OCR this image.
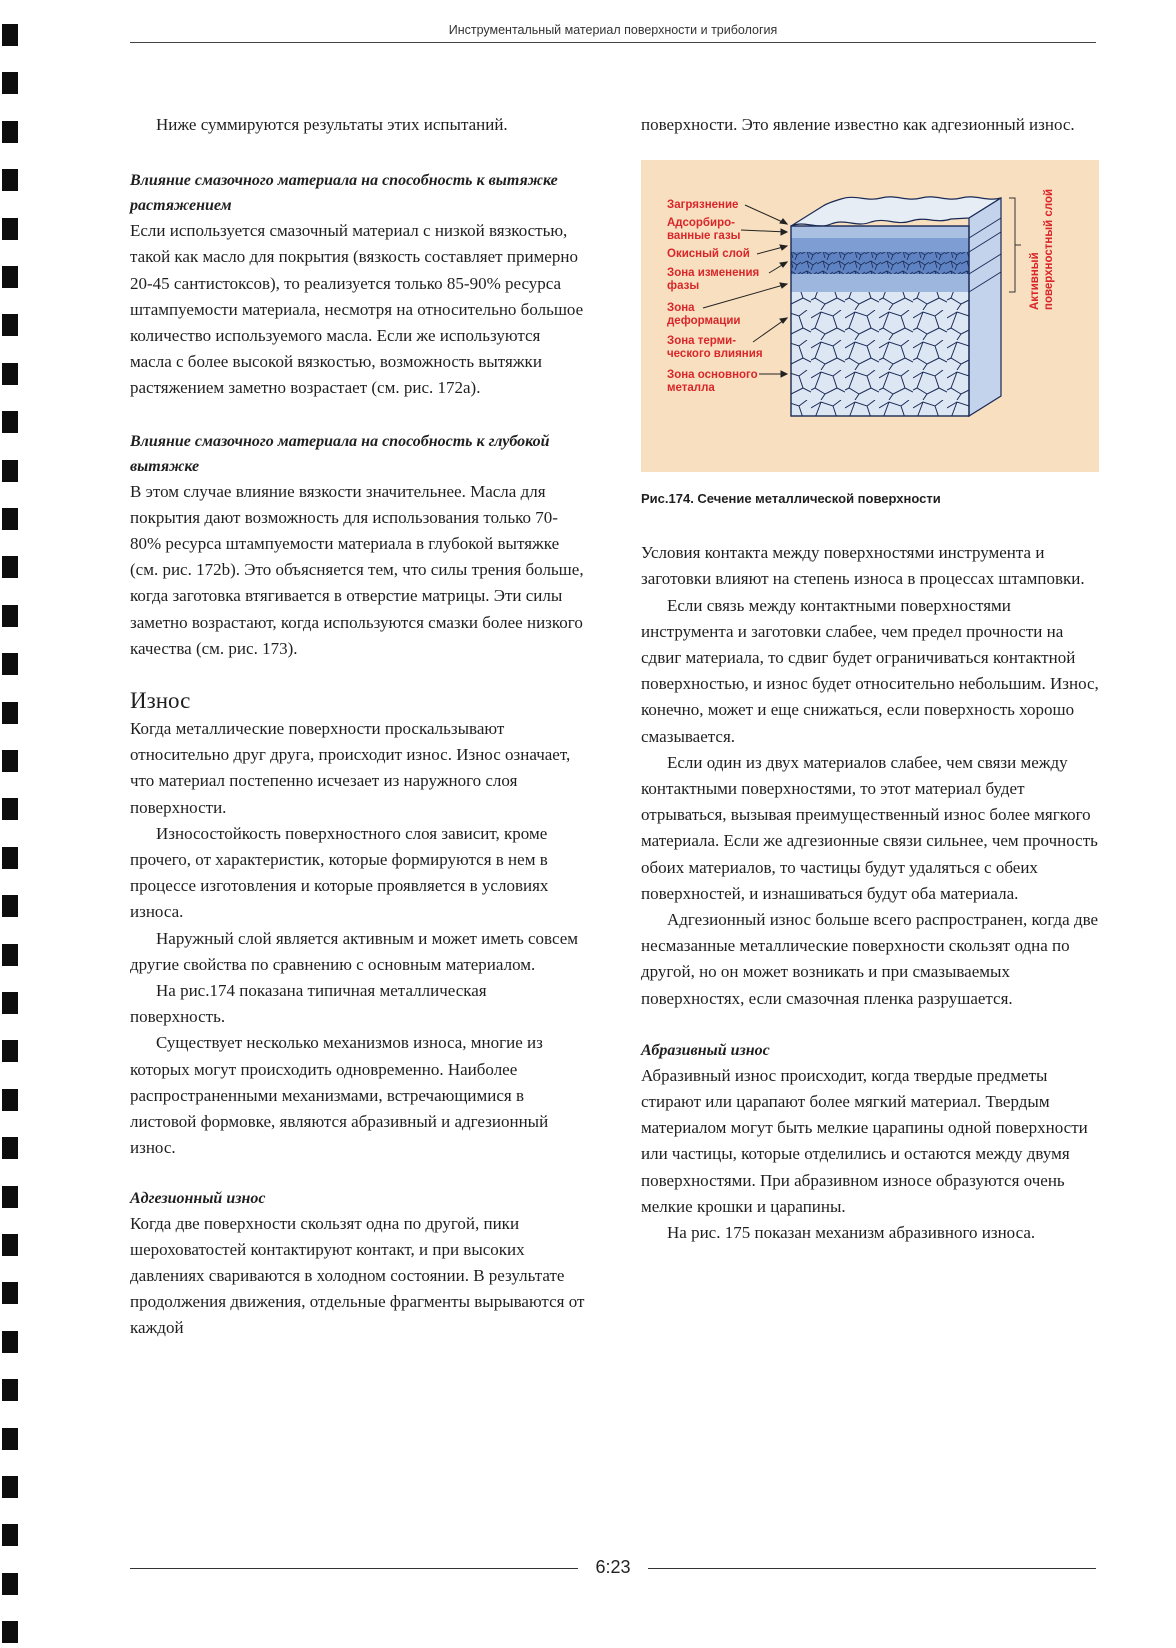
Инструментальный материал поверхности и трибология

Ниже суммируются результаты этих испытаний.

Влияние смазочного материала на способность к вытяжке растяжением

Если используется смазочный материал с низкой вязкостью, такой как масло для покрытия (вязкость составляет примерно 20-45 сантистоксов), то реализуется только 85-90% ресурса штампуемости материала, несмотря на относительно большое количество используемого масла. Если же используются масла с более высокой вязкостью, возможность вытяжки растяжением заметно возрастает (см. рис. 172а).

Влияние смазочного материала на способность к глубокой вытяжке

В этом случае влияние вязкости значительнее. Масла для покрытия дают возможность для использования только 70-80% ресурса штампуемости материала в глубокой вытяжке (см. рис. 172b). Это объясняется тем, что силы трения больше, когда заготовка втягивается в отверстие матрицы. Эти силы заметно возрастают, когда используются смазки более низкого качества (см. рис. 173).

Износ

Когда металлические поверхности проскальзывают относительно друг друга, происходит износ. Износ означает, что материал постепенно исчезает из наружного слоя поверхности.

Износостойкость поверхностного слоя зависит, кроме прочего, от характеристик, которые формируются в нем в процессе изготовления и которые проявляется в условиях износа.

Наружный слой является активным и может иметь совсем другие свойства по сравнению с основным материалом.

На рис.174 показана типичная металлическая поверхность.

Существует несколько механизмов износа, многие из которых могут происходить одновременно. Наиболее распространенными механизмами, встречающимися в листовой формовке, являются абразивный и адгезионный износ.

Адгезионный износ

Когда две поверхности скользят одна по другой, пики шероховатостей контактируют контакт, и при высоких давлениях свариваются в холодном состоянии. В результате продолжения движения, отдельные фрагменты вырываются от каждой

поверхности. Это явление известно как адгезионный износ.

Активный поверхностный слой
Загрязнение
Адсорбиро-
ванные газы
Окисный слой
Зона изменения
фазы
Зона
деформации
Зона терми-
ческого влияния
Зона основного
металла
Рис.174. Сечение металлической поверхности

Условия контакта между поверхностями инструмента и заготовки влияют на степень износа в процессах штамповки.

Если связь между контактными поверхностями инструмента и заготовки слабее, чем предел прочности на сдвиг материала, то сдвиг будет ограничиваться контактной поверхностью, и износ будет относительно небольшим. Износ, конечно, может и еще снижаться, если поверхность хорошо смазывается.

Если один из двух материалов слабее, чем связи между контактными поверхностями, то этот материал будет отрываться, вызывая преимущественный износ более мягкого материала. Если же адгезионные связи сильнее, чем прочность обоих материалов, то частицы будут удаляться с обеих поверхностей, и изнашиваться будут оба материала.

Адгезионный износ больше всего распространен, когда две несмазанные металлические поверхности скользят одна по другой, но он может возникать и при смазываемых поверхностях, если смазочная пленка разрушается.

Абразивный износ

Абразивный износ происходит, когда твердые предметы стирают или царапают более мягкий материал. Твердым материалом могут быть мелкие царапины одной поверхности или частицы, которые отделились и остаются между двумя поверхностями. При абразивном износе образуются очень мелкие крошки и царапины.

На рис. 175 показан механизм абразивного износа.

6:23
